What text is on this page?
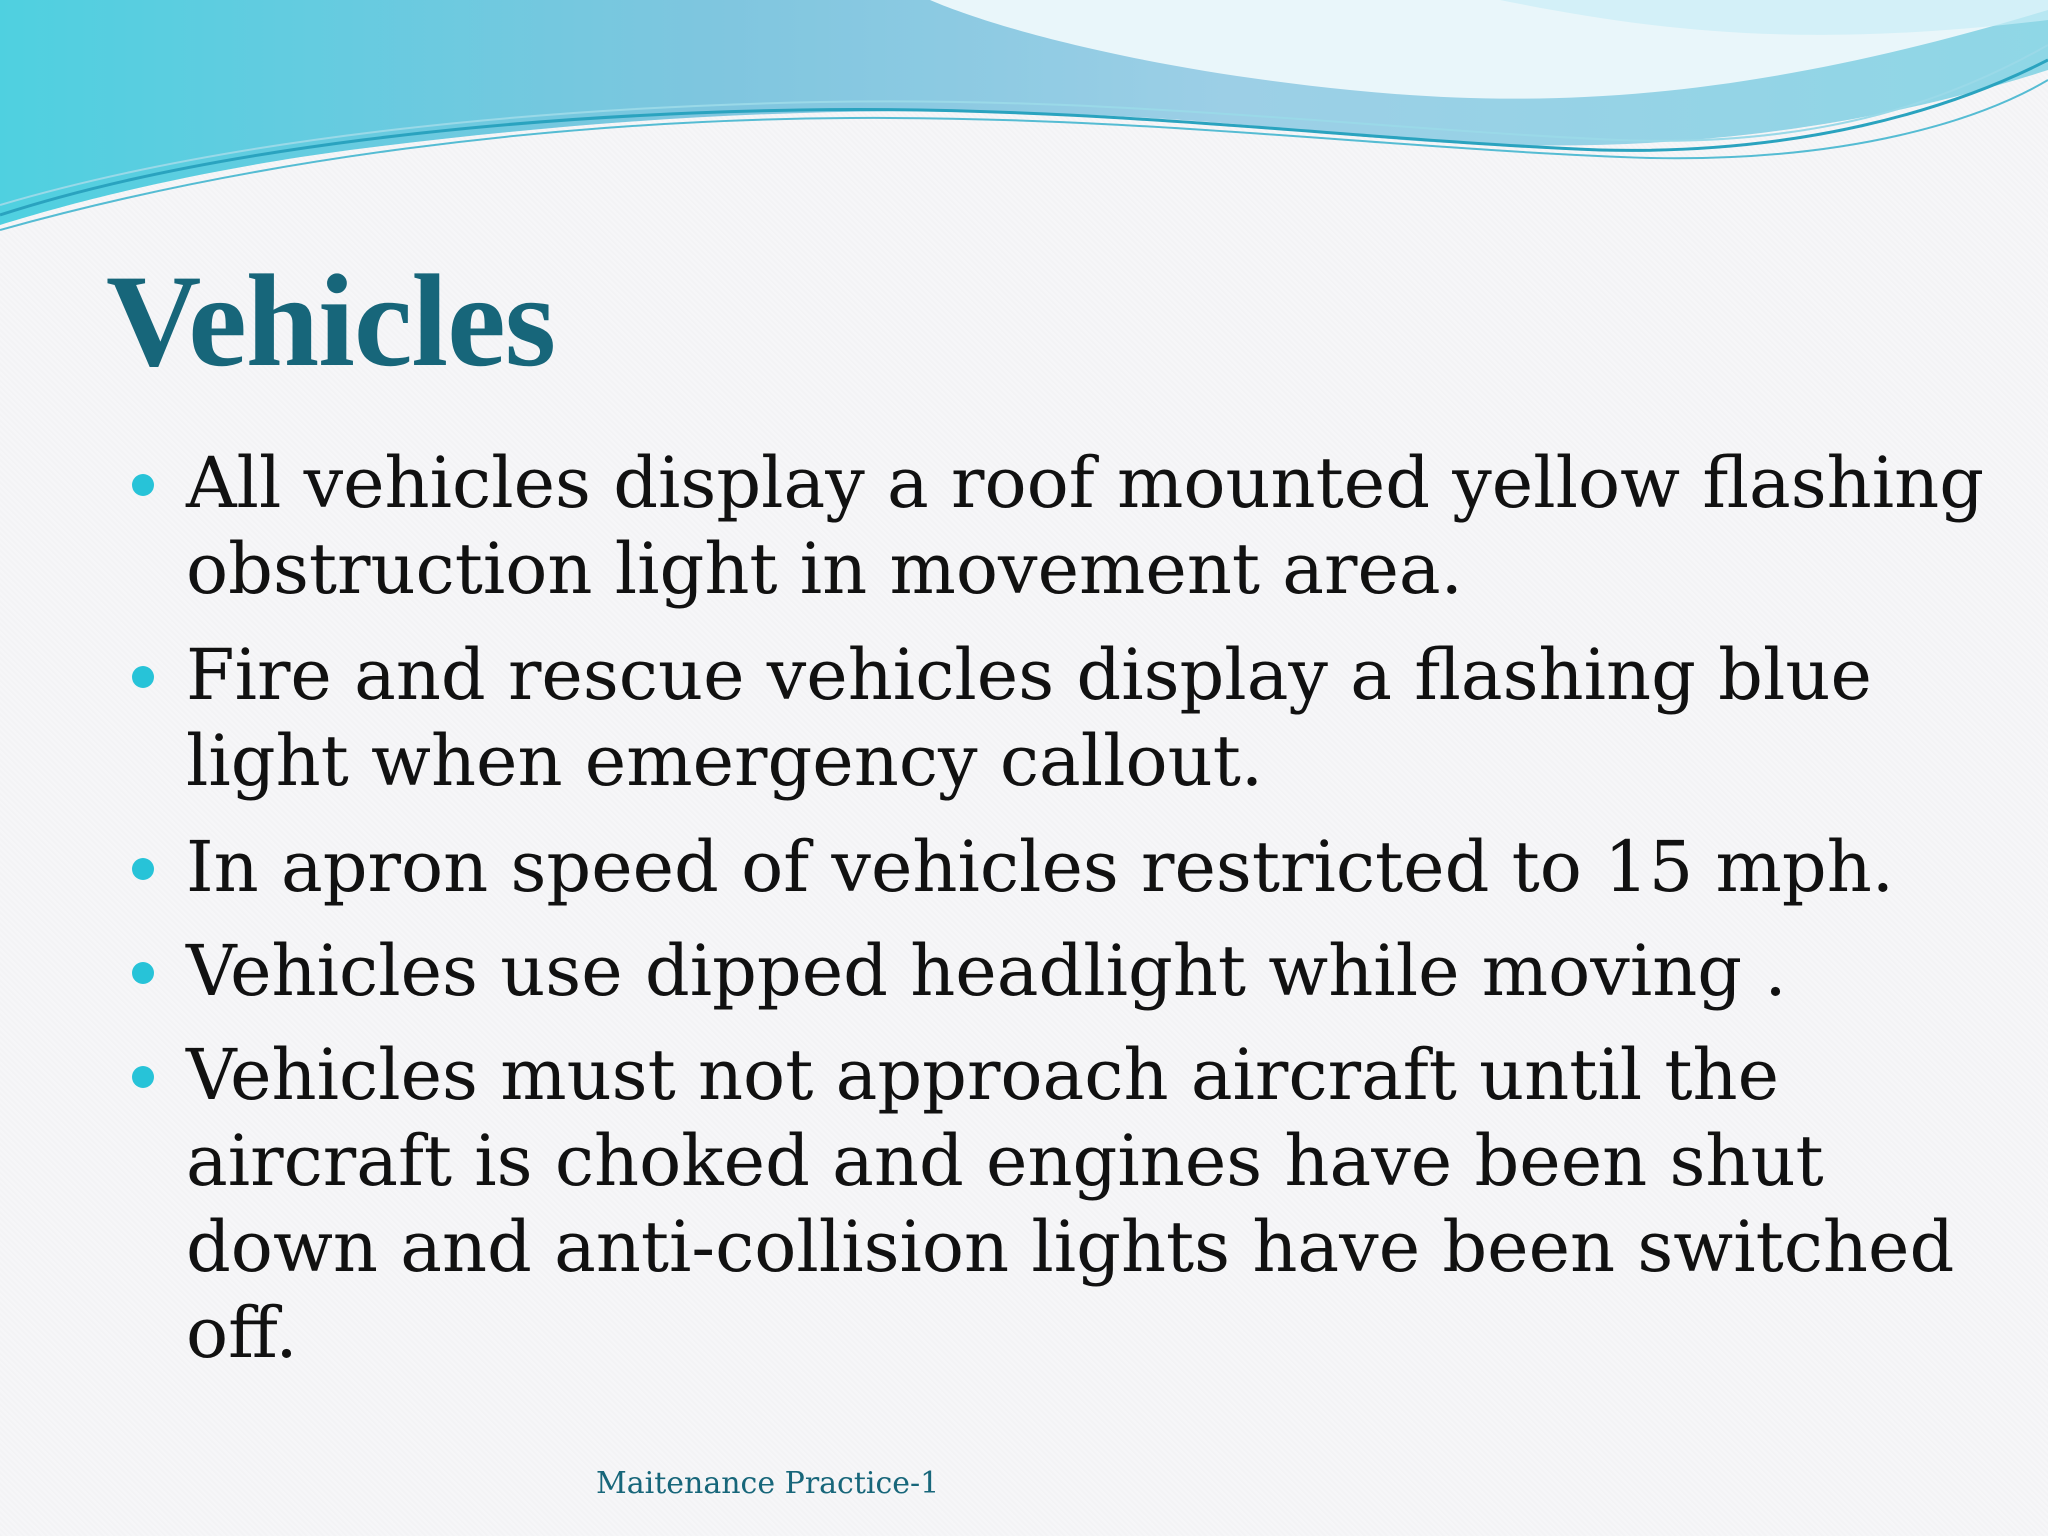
Vehicles
All vehicles display a roof mounted yellow flashing obstruction light in movement area.
Fire and rescue vehicles display a flashing blue light when emergency callout.
In apron speed of vehicles restricted to 15 mph.
Vehicles use dipped headlight while moving .
Vehicles must not approach aircraft until the aircraft is choked and engines have been shut down and anti-collision lights have been switched off.
Maitenance Practice-1
